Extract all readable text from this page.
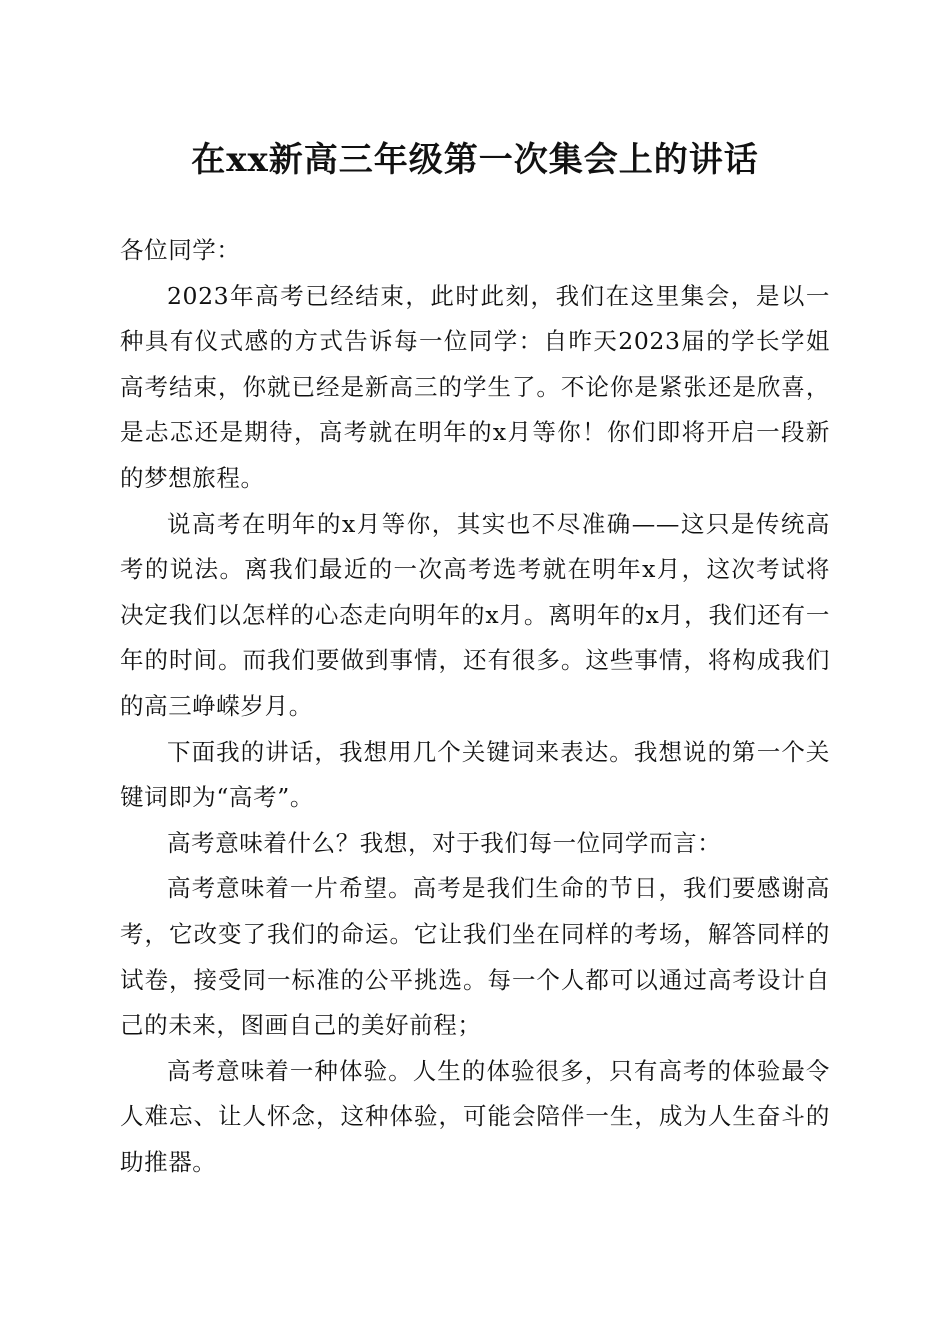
在xx新高三年级第一次集会上的讲话

各位同学：

2023年高考已经结束，此时此刻，我们在这里集会，是以一种具有仪式感的方式告诉每一位同学：自昨天2023届的学长学姐高考结束，你就已经是新高三的学生了。不论你是紧张还是欣喜，是忐忑还是期待，高考就在明年的x月等你！你们即将开启一段新的梦想旅程。

说高考在明年的x月等你，其实也不尽准确——这只是传统高考的说法。离我们最近的一次高考选考就在明年x月，这次考试将决定我们以怎样的心态走向明年的x月。离明年的x月，我们还有一年的时间。而我们要做到事情，还有很多。这些事情，将构成我们的高三峥嵘岁月。

下面我的讲话，我想用几个关键词来表达。我想说的第一个关键词即为“高考”。

高考意味着什么？我想，对于我们每一位同学而言：

高考意味着一片希望。高考是我们生命的节日，我们要感谢高考，它改变了我们的命运。它让我们坐在同样的考场，解答同样的试卷，接受同一标准的公平挑选。每一个人都可以通过高考设计自己的未来，图画自己的美好前程；

高考意味着一种体验。人生的体验很多，只有高考的体验最令人难忘、让人怀念，这种体验，可能会陪伴一生，成为人生奋斗的助推器。
